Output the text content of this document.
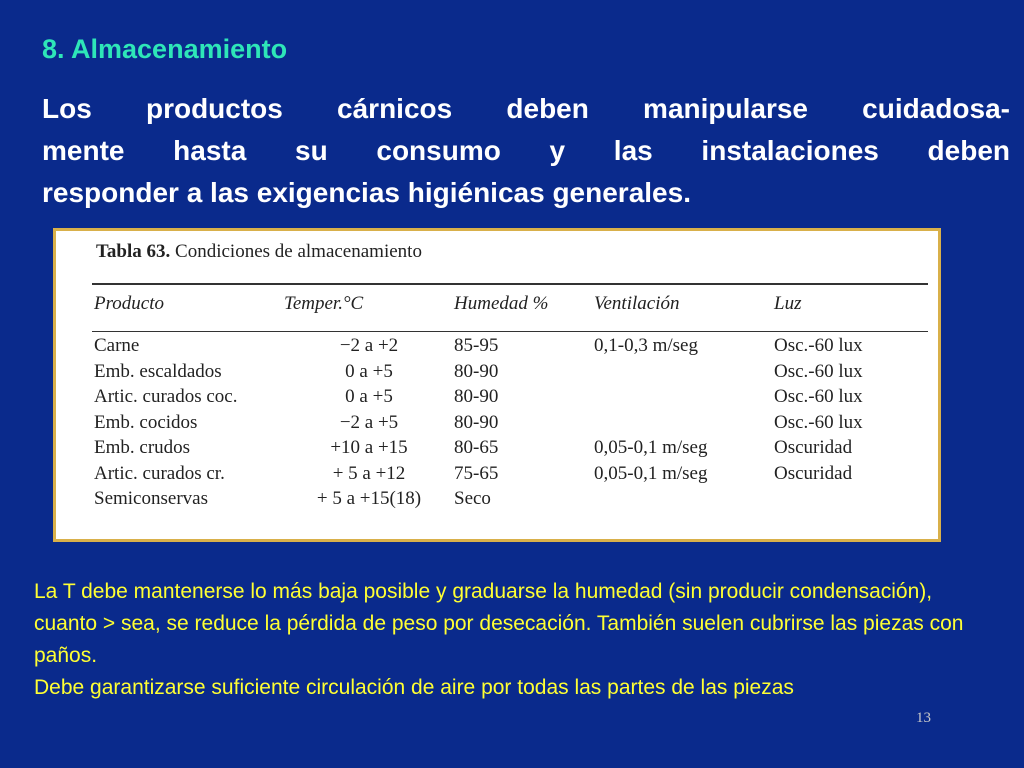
8. Almacenamiento
Los productos cárnicos deben manipularse cuidadosa-
mente hasta su consumo y las instalaciones deben
responder a las exigencias higiénicas generales.
Tabla 63. Condiciones de almacenamiento
Producto	Temper.°C	Humedad %	Ventilación	Luz
Carne	−2 a +2	85-95	0,1-0,3 m/seg	Osc.-60 lux
Emb. escaldados	0 a +5	80-90		Osc.-60 lux
Artic. curados coc.	0 a +5	80-90		Osc.-60 lux
Emb. cocidos	−2 a +5	80-90		Osc.-60 lux
Emb. crudos	+10 a +15	80-65	0,05-0,1 m/seg	Oscuridad
Artic. curados cr.	+ 5 a +12	75-65	0,05-0,1 m/seg	Oscuridad
Semiconservas	+ 5 a +15(18)	Seco		

La T debe mantenerse lo más baja posible y graduarse la humedad (sin producir condensación), cuanto > sea, se reduce la pérdida de peso por desecación. También suelen cubrirse las piezas con paños.

Debe garantizarse suficiente circulación de aire por todas las partes de las piezas

13
